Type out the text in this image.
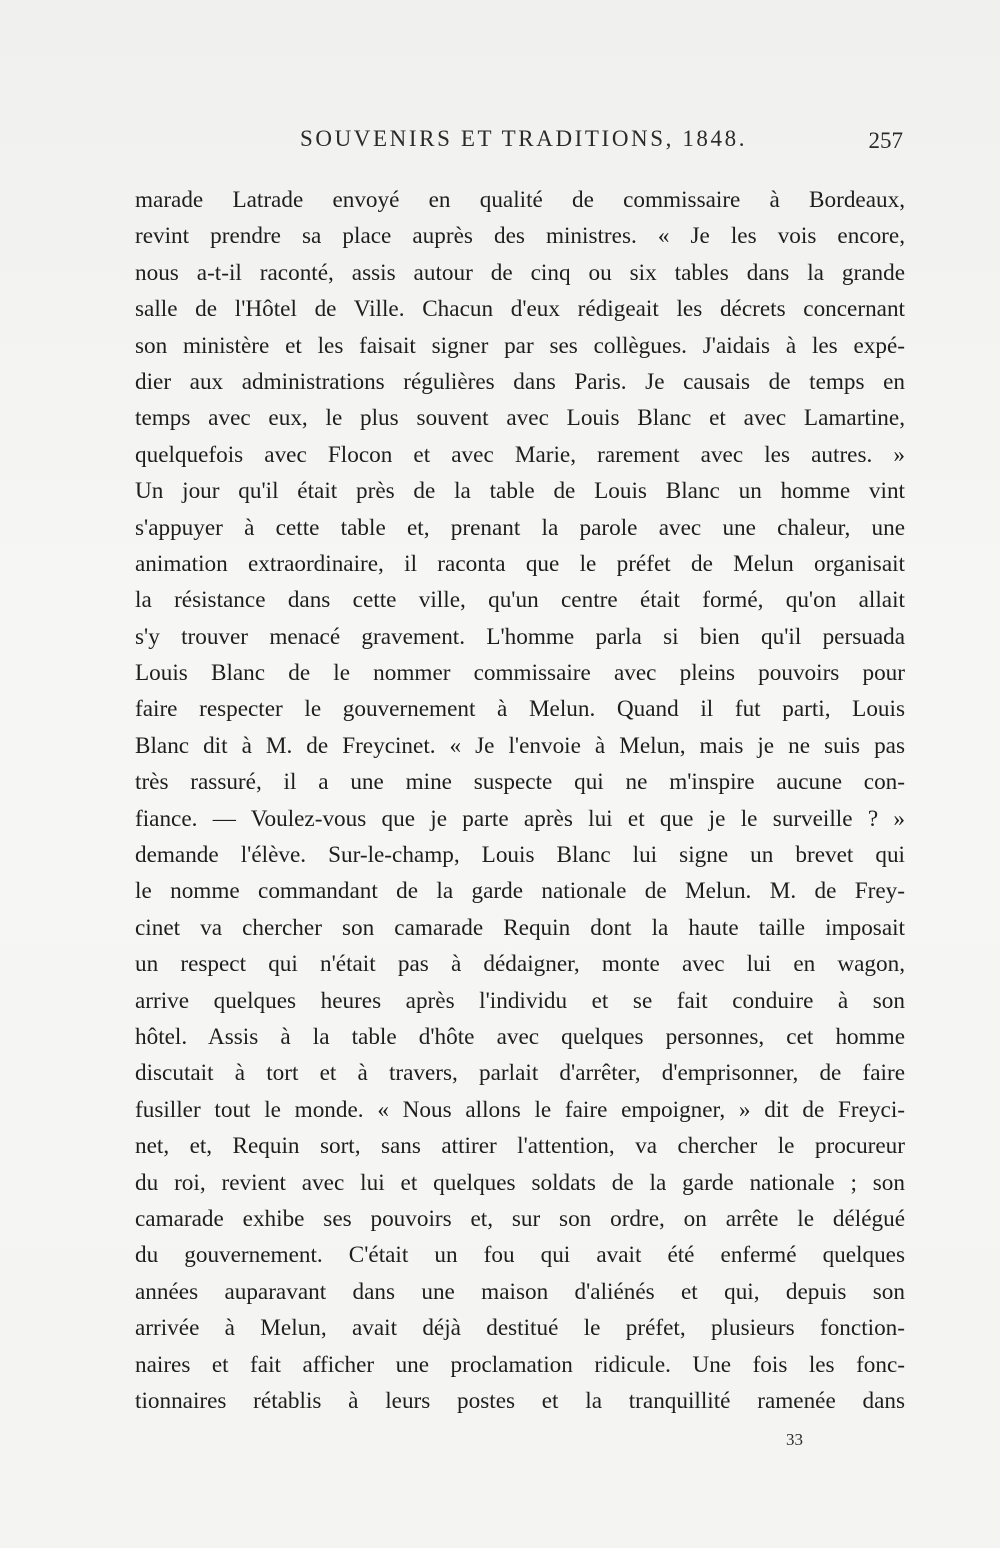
SOUVENIRS ET TRADITIONS, 1848.	257
marade Latrade envoyé en qualité de commissaire à Bordeaux,
revint prendre sa place auprès des ministres. « Je les vois encore,
nous a-t-il raconté, assis autour de cinq ou six tables dans la grande
salle de l'Hôtel de Ville. Chacun d'eux rédigeait les décrets concernant
son ministère et les faisait signer par ses collègues. J'aidais à les expé-
dier aux administrations régulières dans Paris. Je causais de temps en
temps avec eux, le plus souvent avec Louis Blanc et avec Lamartine,
quelquefois avec Flocon et avec Marie, rarement avec les autres. »
Un jour qu'il était près de la table de Louis Blanc un homme vint
s'appuyer à cette table et, prenant la parole avec une chaleur, une
animation extraordinaire, il raconta que le préfet de Melun organisait
la résistance dans cette ville, qu'un centre était formé, qu'on allait
s'y trouver menacé gravement. L'homme parla si bien qu'il persuada
Louis Blanc de le nommer commissaire avec pleins pouvoirs pour
faire respecter le gouvernement à Melun. Quand il fut parti, Louis
Blanc dit à M. de Freycinet. « Je l'envoie à Melun, mais je ne suis pas
très rassuré, il a une mine suspecte qui ne m'inspire aucune con-
fiance. — Voulez-vous que je parte après lui et que je le surveille ? »
demande l'élève. Sur-le-champ, Louis Blanc lui signe un brevet qui
le nomme commandant de la garde nationale de Melun. M. de Frey-
cinet va chercher son camarade Requin dont la haute taille imposait
un respect qui n'était pas à dédaigner, monte avec lui en wagon,
arrive quelques heures après l'individu et se fait conduire à son
hôtel. Assis à la table d'hôte avec quelques personnes, cet homme
discutait à tort et à travers, parlait d'arrêter, d'emprisonner, de faire
fusiller tout le monde. « Nous allons le faire empoigner, » dit de Freyci-
net, et, Requin sort, sans attirer l'attention, va chercher le procureur
du roi, revient avec lui et quelques soldats de la garde nationale ; son
camarade exhibe ses pouvoirs et, sur son ordre, on arrête le délégué
du gouvernement. C'était un fou qui avait été enfermé quelques
années auparavant dans une maison d'aliénés et qui, depuis son
arrivée à Melun, avait déjà destitué le préfet, plusieurs fonction-
naires et fait afficher une proclamation ridicule. Une fois les fonc-
tionnaires rétablis à leurs postes et la tranquillité ramenée dans
33
